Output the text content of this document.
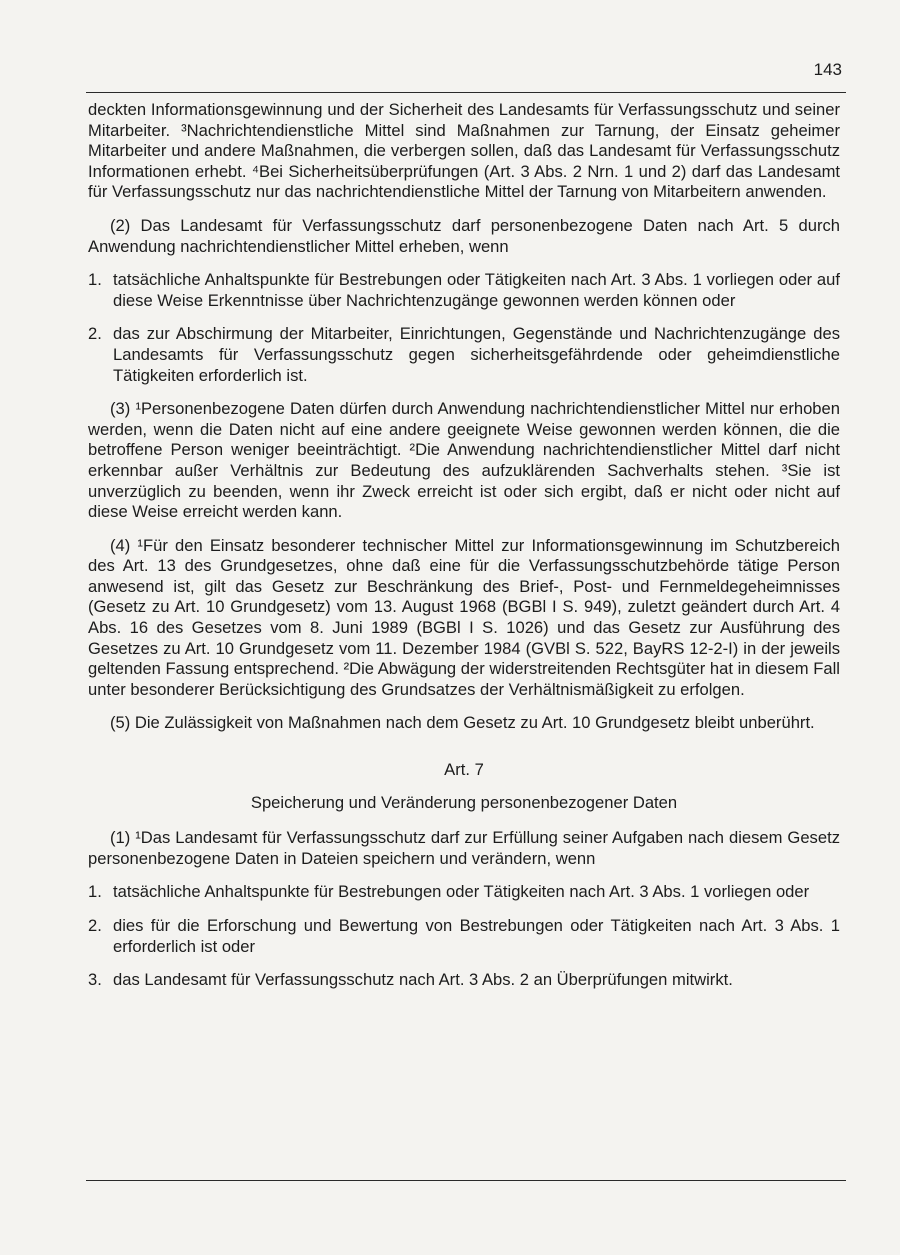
143

deckten Informationsgewinnung und der Sicherheit des Landesamts für Verfassungsschutz und seiner Mitarbeiter. ³Nachrichtendienstliche Mittel sind Maßnahmen zur Tarnung, der Einsatz geheimer Mitarbeiter und andere Maßnahmen, die verbergen sollen, daß das Landesamt für Verfassungsschutz Informationen erhebt. ⁴Bei Sicherheitsüberprüfungen (Art. 3 Abs. 2 Nrn. 1 und 2) darf das Landesamt für Verfassungsschutz nur das nachrichtendienstliche Mittel der Tarnung von Mitarbeitern anwenden.

(2) Das Landesamt für Verfassungsschutz darf personenbezogene Daten nach Art. 5 durch Anwendung nachrichtendienstlicher Mittel erheben, wenn

1. tatsächliche Anhaltspunkte für Bestrebungen oder Tätigkeiten nach Art. 3 Abs. 1 vorliegen oder auf diese Weise Erkenntnisse über Nachrichtenzugänge gewonnen werden können oder
2. das zur Abschirmung der Mitarbeiter, Einrichtungen, Gegenstände und Nachrichtenzugänge des Landesamts für Verfassungsschutz gegen sicherheitsgefährdende oder geheimdienstliche Tätigkeiten erforderlich ist.

(3) ¹Personenbezogene Daten dürfen durch Anwendung nachrichtendienstlicher Mittel nur erhoben werden, wenn die Daten nicht auf eine andere geeignete Weise gewonnen werden können, die die betroffene Person weniger beeinträchtigt. ²Die Anwendung nachrichtendienstlicher Mittel darf nicht erkennbar außer Verhältnis zur Bedeutung des aufzuklärenden Sachverhalts stehen. ³Sie ist unverzüglich zu beenden, wenn ihr Zweck erreicht ist oder sich ergibt, daß er nicht oder nicht auf diese Weise erreicht werden kann.

(4) ¹Für den Einsatz besonderer technischer Mittel zur Informationsgewinnung im Schutzbereich des Art. 13 des Grundgesetzes, ohne daß eine für die Verfassungsschutzbehörde tätige Person anwesend ist, gilt das Gesetz zur Beschränkung des Brief-, Post- und Fernmeldegeheimnisses (Gesetz zu Art. 10 Grundgesetz) vom 13. August 1968 (BGBl I S. 949), zuletzt geändert durch Art. 4 Abs. 16 des Gesetzes vom 8. Juni 1989 (BGBl I S. 1026) und das Gesetz zur Ausführung des Gesetzes zu Art. 10 Grundgesetz vom 11. Dezember 1984 (GVBl S. 522, BayRS 12-2-I) in der jeweils geltenden Fassung entsprechend. ²Die Abwägung der widerstreitenden Rechtsgüter hat in diesem Fall unter besonderer Berücksichtigung des Grundsatzes der Verhältnismäßigkeit zu erfolgen.

(5) Die Zulässigkeit von Maßnahmen nach dem Gesetz zu Art. 10 Grundgesetz bleibt unberührt.

Art. 7
Speicherung und Veränderung personenbezogener Daten

(1) ¹Das Landesamt für Verfassungsschutz darf zur Erfüllung seiner Aufgaben nach diesem Gesetz personenbezogene Daten in Dateien speichern und verändern, wenn

1. tatsächliche Anhaltspunkte für Bestrebungen oder Tätigkeiten nach Art. 3 Abs. 1 vorliegen oder
2. dies für die Erforschung und Bewertung von Bestrebungen oder Tätigkeiten nach Art. 3 Abs. 1 erforderlich ist oder
3. das Landesamt für Verfassungsschutz nach Art. 3 Abs. 2 an Überprüfungen mitwirkt.
